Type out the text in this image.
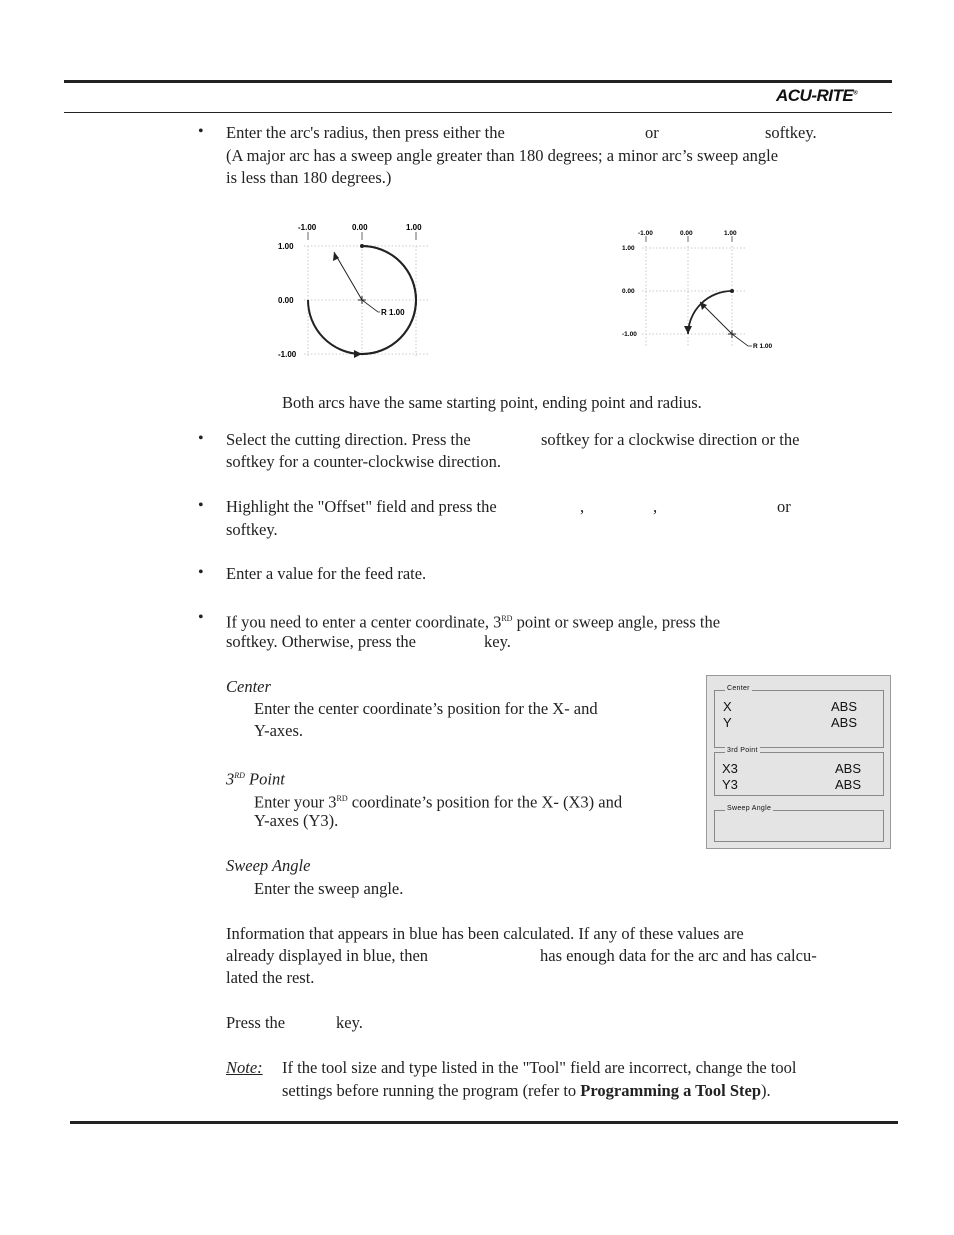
ACU-RITE®
• Enter the arc's radius, then press either the	or	softkey.

(A major arc has a sweep angle greater than 180 degrees; a minor arc’s sweep angle

is less than 180 degrees.)

-1.00	0.00	1.00
1.00
0.00
-1.00
R 1.00
-1.00	0.00	1.00
1.00
0.00
-1.00
R 1.00

Both arcs have the same starting point, ending point and radius.

• Select the cutting direction. Press the	softkey for a clockwise direction or the

softkey for a counter-clockwise direction.

• Highlight the "Offset" field and press the	,	,	or

softkey.

• Enter a value for the feed rate.

• If you need to enter a center coordinate, 3RD point or sweep angle, press the

softkey. Otherwise, press the	key.

Center

Enter the center coordinate’s position for the X- and

Y-axes.

3RD Point

Enter your 3RD coordinate’s position for the X- (X3) and

Y-axes (Y3).

Sweep Angle

Enter the sweep angle.

Information that appears in blue has been calculated. If any of these values are

already displayed in blue, then	has enough data for the arc and has calcu-

lated the rest.

Press the	key.
Note: If the tool size and type listed in the "Tool" field are incorrect, change the tool

settings before running the program (refer to Programming a Tool Step).

Center
X	ABS
Y	ABS
3rd Point
X3	ABS
Y3	ABS
Sweep Angle
